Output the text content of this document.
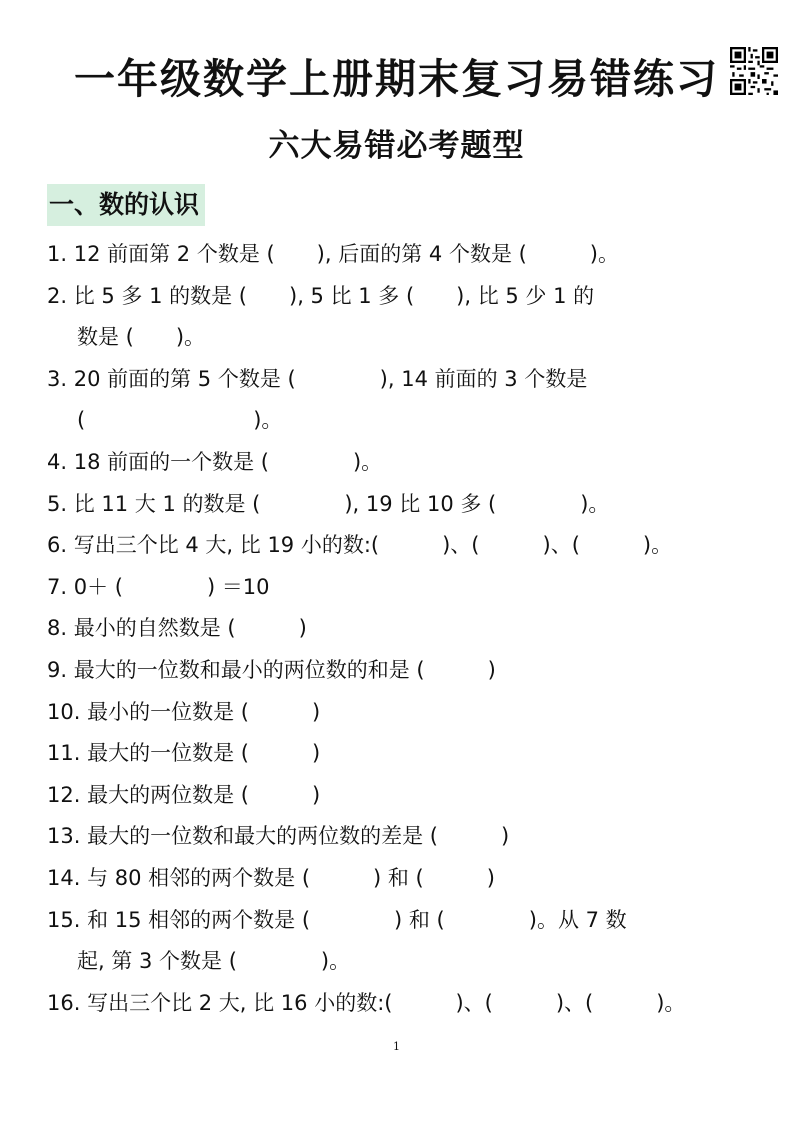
一年级数学上册期末复习易错练习
六大易错必考题型
一、数的认识
1. 12 前面第 2 个数是 (　　), 后面的第 4 个数是 (　　　)。
2. 比 5 多 1 的数是 (　　), 5 比 1 多 (　　), 比 5 少 1 的
数是 (　　)。
3. 20 前面的第 5 个数是 (　　　　), 14 前面的 3 个数是
(　　　　　　　　)。
4. 18 前面的一个数是 (　　　　)。
5. 比 11 大 1 的数是 (　　　　), 19 比 10 多 (　　　　)。
6. 写出三个比 4 大, 比 19 小的数:(　　　)、(　　　)、(　　　)。
7. 0＋ (　　　　) ＝10
8. 最小的自然数是 (　　　)
9. 最大的一位数和最小的两位数的和是 (　　　)
10. 最小的一位数是 (　　　)
11. 最大的一位数是 (　　　)
12. 最大的两位数是 (　　　)
13. 最大的一位数和最大的两位数的差是 (　　　)
14. 与 80 相邻的两个数是 (　　　) 和 (　　　)
15. 和 15 相邻的两个数是 (　　　　) 和 (　　　　)。从 7 数
起, 第 3 个数是 (　　　　)。
16. 写出三个比 2 大, 比 16 小的数:(　　　)、(　　　)、(　　　)。
1
